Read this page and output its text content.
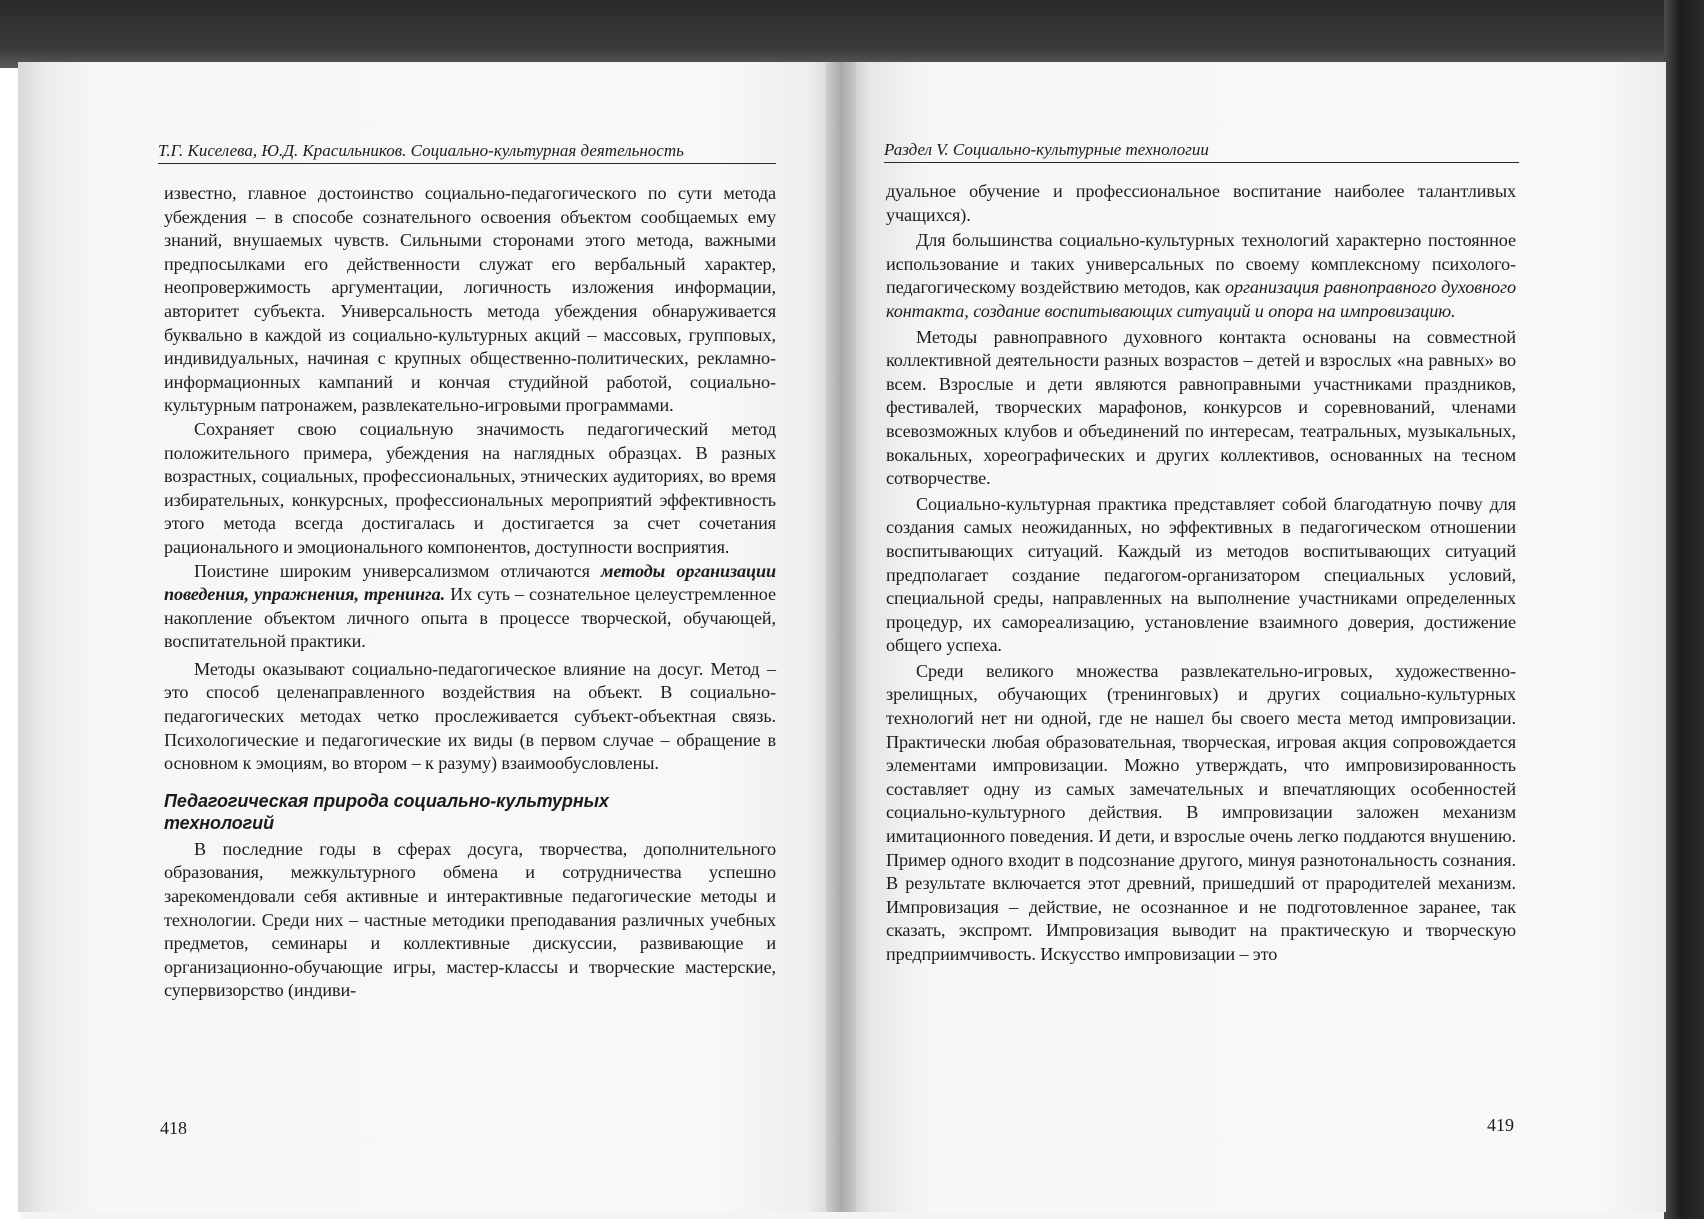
Т.Г. Киселева, Ю.Д. Красильников. Социально-культурная деятельность

известно, главное достоинство социально-педагогического по сути метода убеждения – в способе сознательного освоения объектом сообщаемых ему знаний, внушаемых чувств. Сильными сторонами этого метода, важными предпосылками его действенности служат его вербальный характер, неопровержимость аргументации, логичность изложения информации, авторитет субъекта. Универсальность метода убеждения обнаруживается буквально в каждой из социально-культурных акций – массовых, групповых, индивидуальных, начиная с крупных общественно-политических, рекламно-информационных кампаний и кончая студийной работой, социально-культурным патронажем, развлекательно-игровыми программами.

Сохраняет свою социальную значимость педагогический метод положительного примера, убеждения на наглядных образцах. В разных возрастных, социальных, профессиональных, этнических аудиториях, во время избирательных, конкурсных, профессиональных мероприятий эффективность этого метода всегда достигалась и достигается за счет сочетания рационального и эмоционального компонентов, доступности восприятия.

Поистине широким универсализмом отличаются методы организации поведения, упражнения, тренинга. Их суть – сознательное целеустремленное накопление объектом личного опыта в процессе творческой, обучающей, воспитательной практики.

Методы оказывают социально-педагогическое влияние на досуг. Метод – это способ целенаправленного воздействия на объект. В социально-педагогических методах четко прослеживается субъект-объектная связь. Психологические и педагогические их виды (в первом случае – обращение в основном к эмоциям, во втором – к разуму) взаимообусловлены.

Педагогическая природа социально-культурных технологий

В последние годы в сферах досуга, творчества, дополнительного образования, межкультурного обмена и сотрудничества успешно зарекомендовали себя активные и интерактивные педагогические методы и технологии. Среди них – частные методики преподавания различных учебных предметов, семинары и коллективные дискуссии, развивающие и организационно-обучающие игры, мастер-классы и творческие мастерские, супервизорство (индиви-

418
Раздел V. Социально-культурные технологии

дуальное обучение и профессиональное воспитание наиболее талантливых учащихся).

Для большинства социально-культурных технологий характерно постоянное использование и таких универсальных по своему комплексному психолого-педагогическому воздействию методов, как организация равноправного духовного контакта, создание воспитывающих ситуаций и опора на импровизацию.

Методы равноправного духовного контакта основаны на совместной коллективной деятельности разных возрастов – детей и взрослых «на равных» во всем. Взрослые и дети являются равноправными участниками праздников, фестивалей, творческих марафонов, конкурсов и соревнований, членами всевозможных клубов и объединений по интересам, театральных, музыкальных, вокальных, хореографических и других коллективов, основанных на тесном сотворчестве.

Социально-культурная практика представляет собой благодатную почву для создания самых неожиданных, но эффективных в педагогическом отношении воспитывающих ситуаций. Каждый из методов воспитывающих ситуаций предполагает создание педагогом-организатором специальных условий, специальной среды, направленных на выполнение участниками определенных процедур, их самореализацию, установление взаимного доверия, достижение общего успеха.

Среди великого множества развлекательно-игровых, художественно-зрелищных, обучающих (тренинговых) и других социально-культурных технологий нет ни одной, где не нашел бы своего места метод импровизации. Практически любая образовательная, творческая, игровая акция сопровождается элементами импровизации. Можно утверждать, что импровизированность составляет одну из самых замечательных и впечатляющих особенностей социально-культурного действия. В импровизации заложен механизм имитационного поведения. И дети, и взрослые очень легко поддаются внушению. Пример одного входит в подсознание другого, минуя разнотональность сознания. В результате включается этот древний, пришедший от прародителей механизм. Импровизация – действие, не осознанное и не подготовленное заранее, так сказать, экспромт. Импровизация выводит на практическую и творческую предприимчивость. Искусство импровизации – это

419
